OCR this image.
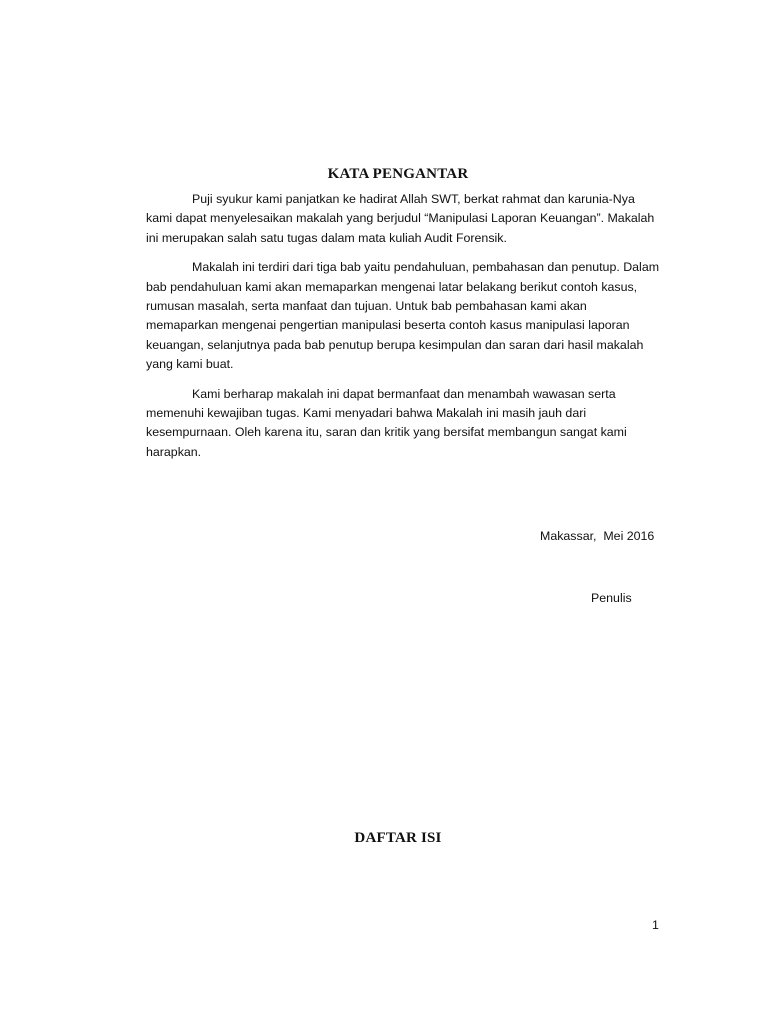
KATA PENGANTAR

Puji syukur kami panjatkan ke hadirat Allah SWT, berkat rahmat dan karunia-Nya kami dapat menyelesaikan makalah yang berjudul “Manipulasi Laporan Keuangan”. Makalah ini merupakan salah satu tugas dalam mata kuliah Audit Forensik.

Makalah ini terdiri dari tiga bab yaitu pendahuluan, pembahasan dan penutup. Dalam bab pendahuluan kami akan memaparkan mengenai latar belakang berikut contoh kasus, rumusan masalah, serta manfaat dan tujuan. Untuk bab pembahasan kami akan memaparkan mengenai pengertian manipulasi beserta contoh kasus manipulasi laporan keuangan, selanjutnya pada bab penutup berupa kesimpulan dan saran dari hasil makalah yang kami buat.

Kami berharap makalah ini dapat bermanfaat dan menambah wawasan serta memenuhi kewajiban tugas. Kami menyadari bahwa Makalah ini masih jauh dari kesempurnaan. Oleh karena itu, saran dan kritik yang bersifat membangun sangat kami harapkan.

Makassar,  Mei 2016
Penulis
DAFTAR ISI
1
